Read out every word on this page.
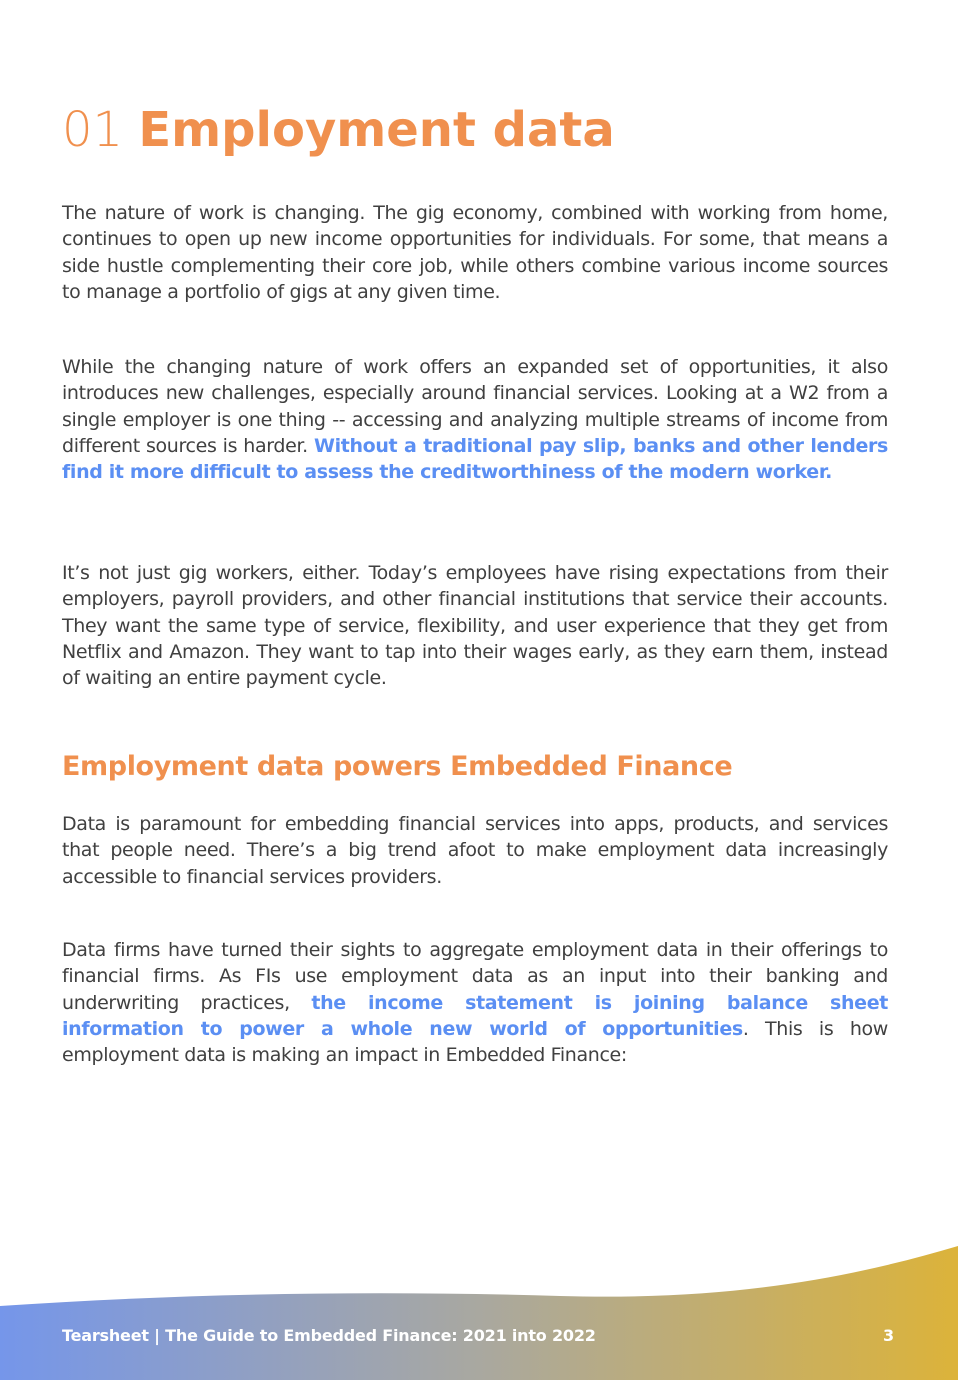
01 Employment data

The nature of work is changing. The gig economy, combined with working from home, continues to open up new income opportunities for individuals. For some, that means a side hustle complementing their core job, while others combine various income sources to manage a portfolio of gigs at any given time.

While the changing nature of work offers an expanded set of opportunities, it also introduces new challenges, especially around financial services. Looking at a W2 from a single employer is one thing -- accessing and analyzing multiple streams of income from different sources is harder. Without a traditional pay slip, banks and other lenders find it more difficult to assess the creditworthiness of the modern worker.

It’s not just gig workers, either. Today’s employees have rising expectations from their employers, payroll providers, and other financial institutions that service their accounts. They want the same type of service, flexibility, and user experience that they get from Netflix and Amazon. They want to tap into their wages early, as they earn them, instead of waiting an entire payment cycle.

Employment data powers Embedded Finance

Data is paramount for embedding financial services into apps, products, and services that people need. There’s a big trend afoot to make employment data increasingly accessible to financial services providers.

Data firms have turned their sights to aggregate employment data in their offerings to financial firms. As FIs use employment data as an input into their banking and underwriting practices, the income statement is joining balance sheet information to power a whole new world of opportunities. This is how employment data is making an impact in Embedded Finance:

Tearsheet | The Guide to Embedded Finance: 2021 into 2022	3
